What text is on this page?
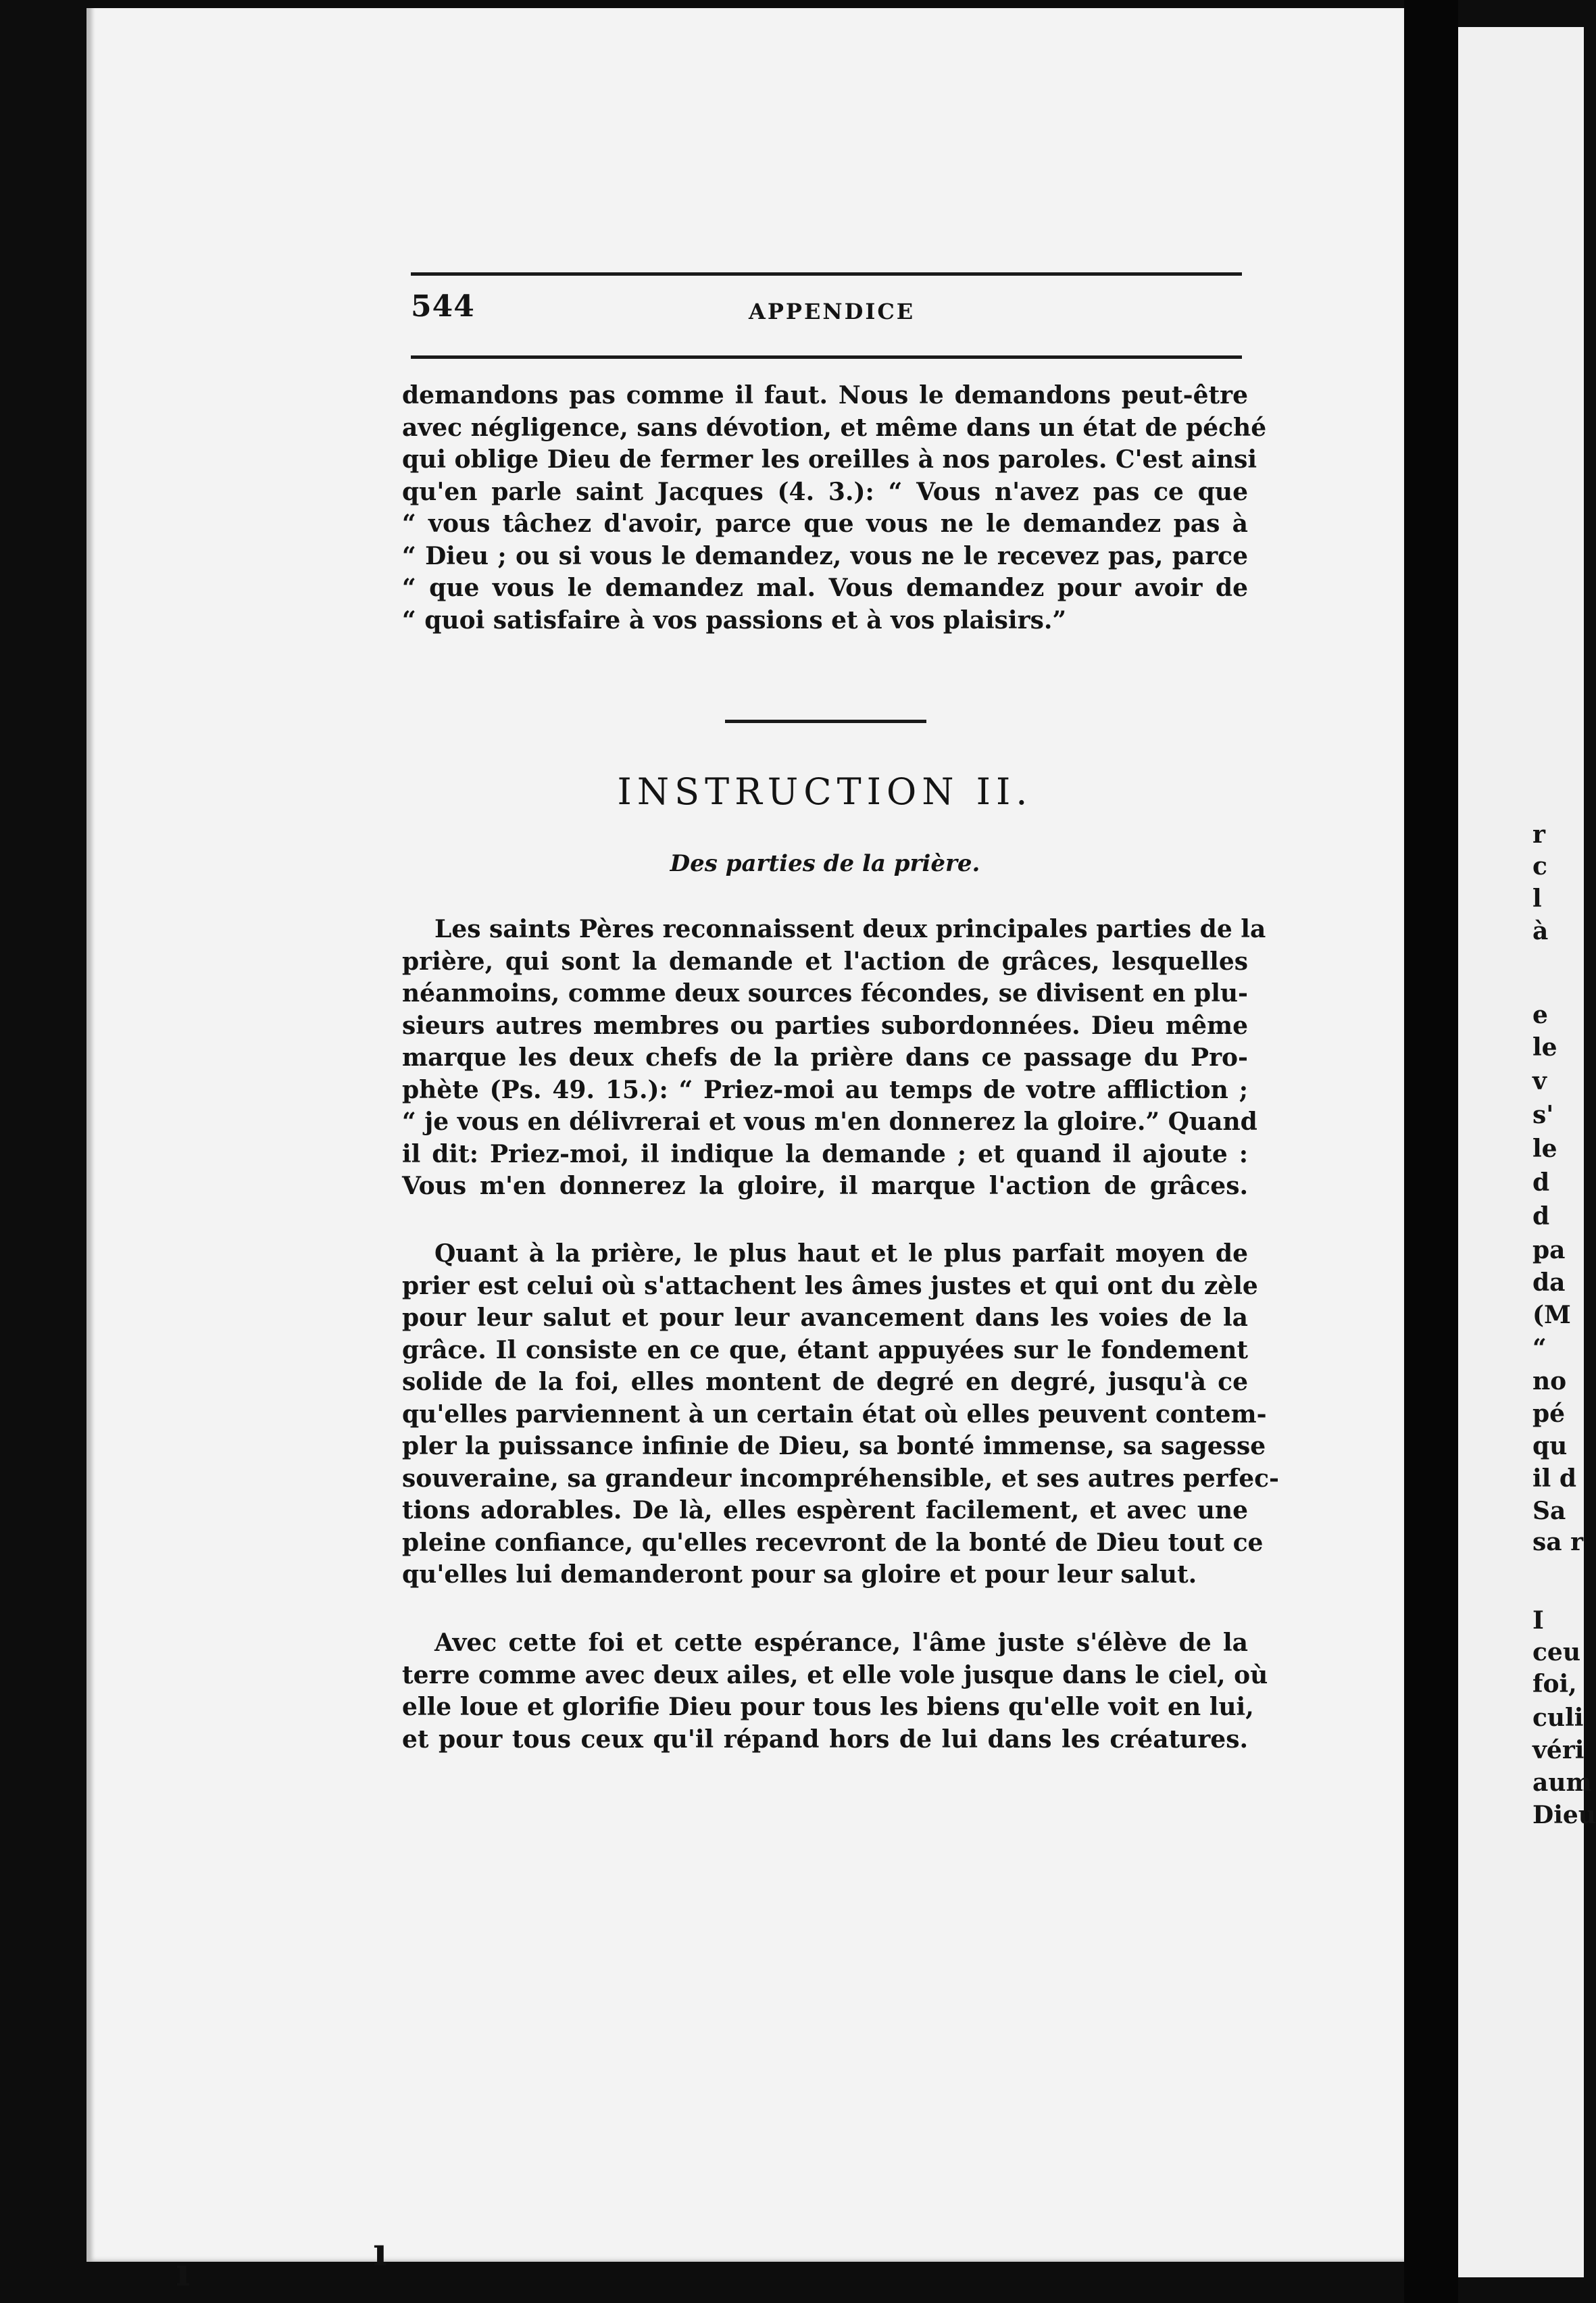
r
c
l
à
e
le
v
s'
le
d
d
pa
da
(M
“
no
pé
qu
il d
Sa
sa r
I
ceu
foi,
culi
véri
aum
Dieu
544	APPENDICE
demandons pas comme il faut. Nous le demandons peut-être
avec négligence, sans dévotion, et même dans un état de péché
qui oblige Dieu de fermer les oreilles à nos paroles. C'est ainsi
qu'en parle saint Jacques (4. 3.): “ Vous n'avez pas ce que
“ vous tâchez d'avoir, parce que vous ne le demandez pas à
“ Dieu ; ou si vous le demandez, vous ne le recevez pas, parce
“ que vous le demandez mal. Vous demandez pour avoir de
“ quoi satisfaire à vos passions et à vos plaisirs.”
INSTRUCTION II.
Des parties de la prière.
Les saints Pères reconnaissent deux principales parties de la
prière, qui sont la demande et l'action de grâces, lesquelles
néanmoins, comme deux sources fécondes, se divisent en plu-
sieurs autres membres ou parties subordonnées. Dieu même
marque les deux chefs de la prière dans ce passage du Pro-
phète (Ps. 49. 15.): “ Priez-moi au temps de votre affliction ;
“ je vous en délivrerai et vous m'en donnerez la gloire.” Quand
il dit: Priez-moi, il indique la demande ; et quand il ajoute :
Vous m'en donnerez la gloire, il marque l'action de grâces.
Quant à la prière, le plus haut et le plus parfait moyen de
prier est celui où s'attachent les âmes justes et qui ont du zèle
pour leur salut et pour leur avancement dans les voies de la
grâce. Il consiste en ce que, étant appuyées sur le fondement
solide de la foi, elles montent de degré en degré, jusqu'à ce
qu'elles parviennent à un certain état où elles peuvent contem-
pler la puissance infinie de Dieu, sa bonté immense, sa sagesse
souveraine, sa grandeur incompréhensible, et ses autres perfec-
tions adorables. De là, elles espèrent facilement, et avec une
pleine confiance, qu'elles recevront de la bonté de Dieu tout ce
qu'elles lui demanderont pour sa gloire et pour leur salut.
Avec cette foi et cette espérance, l'âme juste s'élève de la
terre comme avec deux ailes, et elle vole jusque dans le ciel, où
elle loue et glorifie Dieu pour tous les biens qu'elle voit en lui,
et pour tous ceux qu'il répand hors de lui dans les créatures.
ı	ı
